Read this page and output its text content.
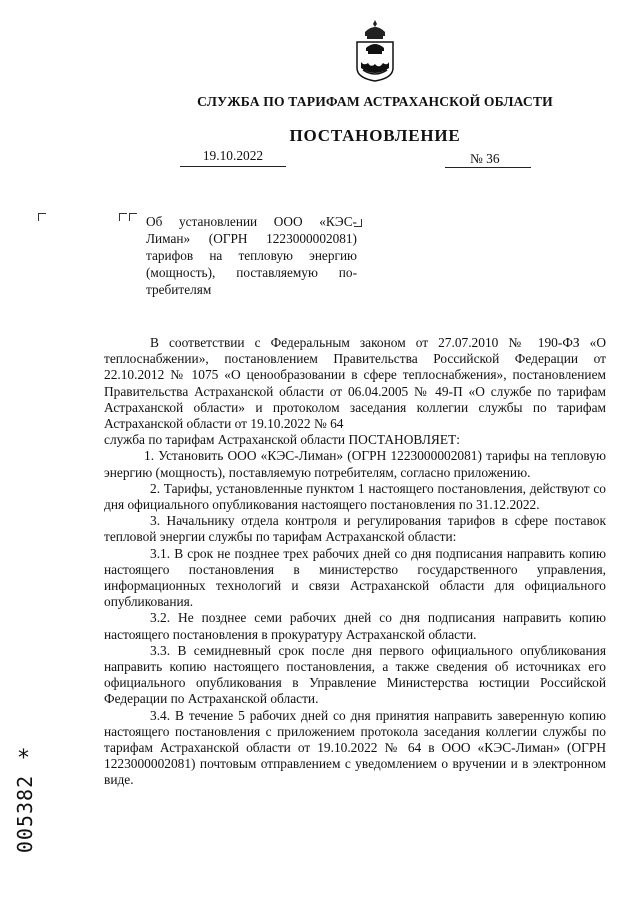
СЛУЖБА ПО ТАРИФАМ АСТРАХАНСКОЙ ОБЛАСТИ
ПОСТАНОВЛЕНИЕ
19.10.2022	№ 36
Об установлении ООО «КЭС-
Лиман» (ОГРН 1223000002081)
тарифов на тепловую энергию
(мощность), поставляемую по-
требителям

В соответствии с Федеральным законом от 27.07.2010 № 190-ФЗ «О теплоснабжении», постановлением Правительства Российской Федерации от 22.10.2012 № 1075 «О ценообразовании в сфере теплоснабжения», постановлением Правительства Астраханской области от 06.04.2005 № 49-П «О службе по тарифам Астраханской области» и протоколом заседания коллегии службы по тарифам Астраханской области от 19.10.2022 № 64

служба по тарифам Астраханской области ПОСТАНОВЛЯЕТ:

1. Установить ООО «КЭС-Лиман» (ОГРН 1223000002081) тарифы на тепловую энергию (мощность), поставляемую потребителям, согласно приложению.

2. Тарифы, установленные пунктом 1 настоящего постановления, действуют со дня официального опубликования настоящего постановления по 31.12.2022.

3. Начальнику отдела контроля и регулирования тарифов в сфере поставок тепловой энергии службы по тарифам Астраханской области:

3.1. В срок не позднее трех рабочих дней со дня подписания направить копию настоящего постановления в министерство государственного управления, информационных технологий и связи Астраханской области для официального опубликования.

3.2. Не позднее семи рабочих дней со дня подписания направить копию настоящего постановления в прокуратуру Астраханской области.

3.3. В семидневный срок после дня первого официального опубликования направить копию настоящего постановления, а также сведения об источниках его официального опубликования в Управление Министерства юстиции Российской Федерации по Астраханской области.

3.4. В течение 5 рабочих дней со дня принятия направить заверенную копию настоящего постановления с приложением протокола заседания коллегии службы по тарифам Астраханской области от 19.10.2022 № 64 в ООО «КЭС-Лиман» (ОГРН 1223000002081) почтовым отправлением с уведомлением о вручении и в электронном виде.

*
005382
